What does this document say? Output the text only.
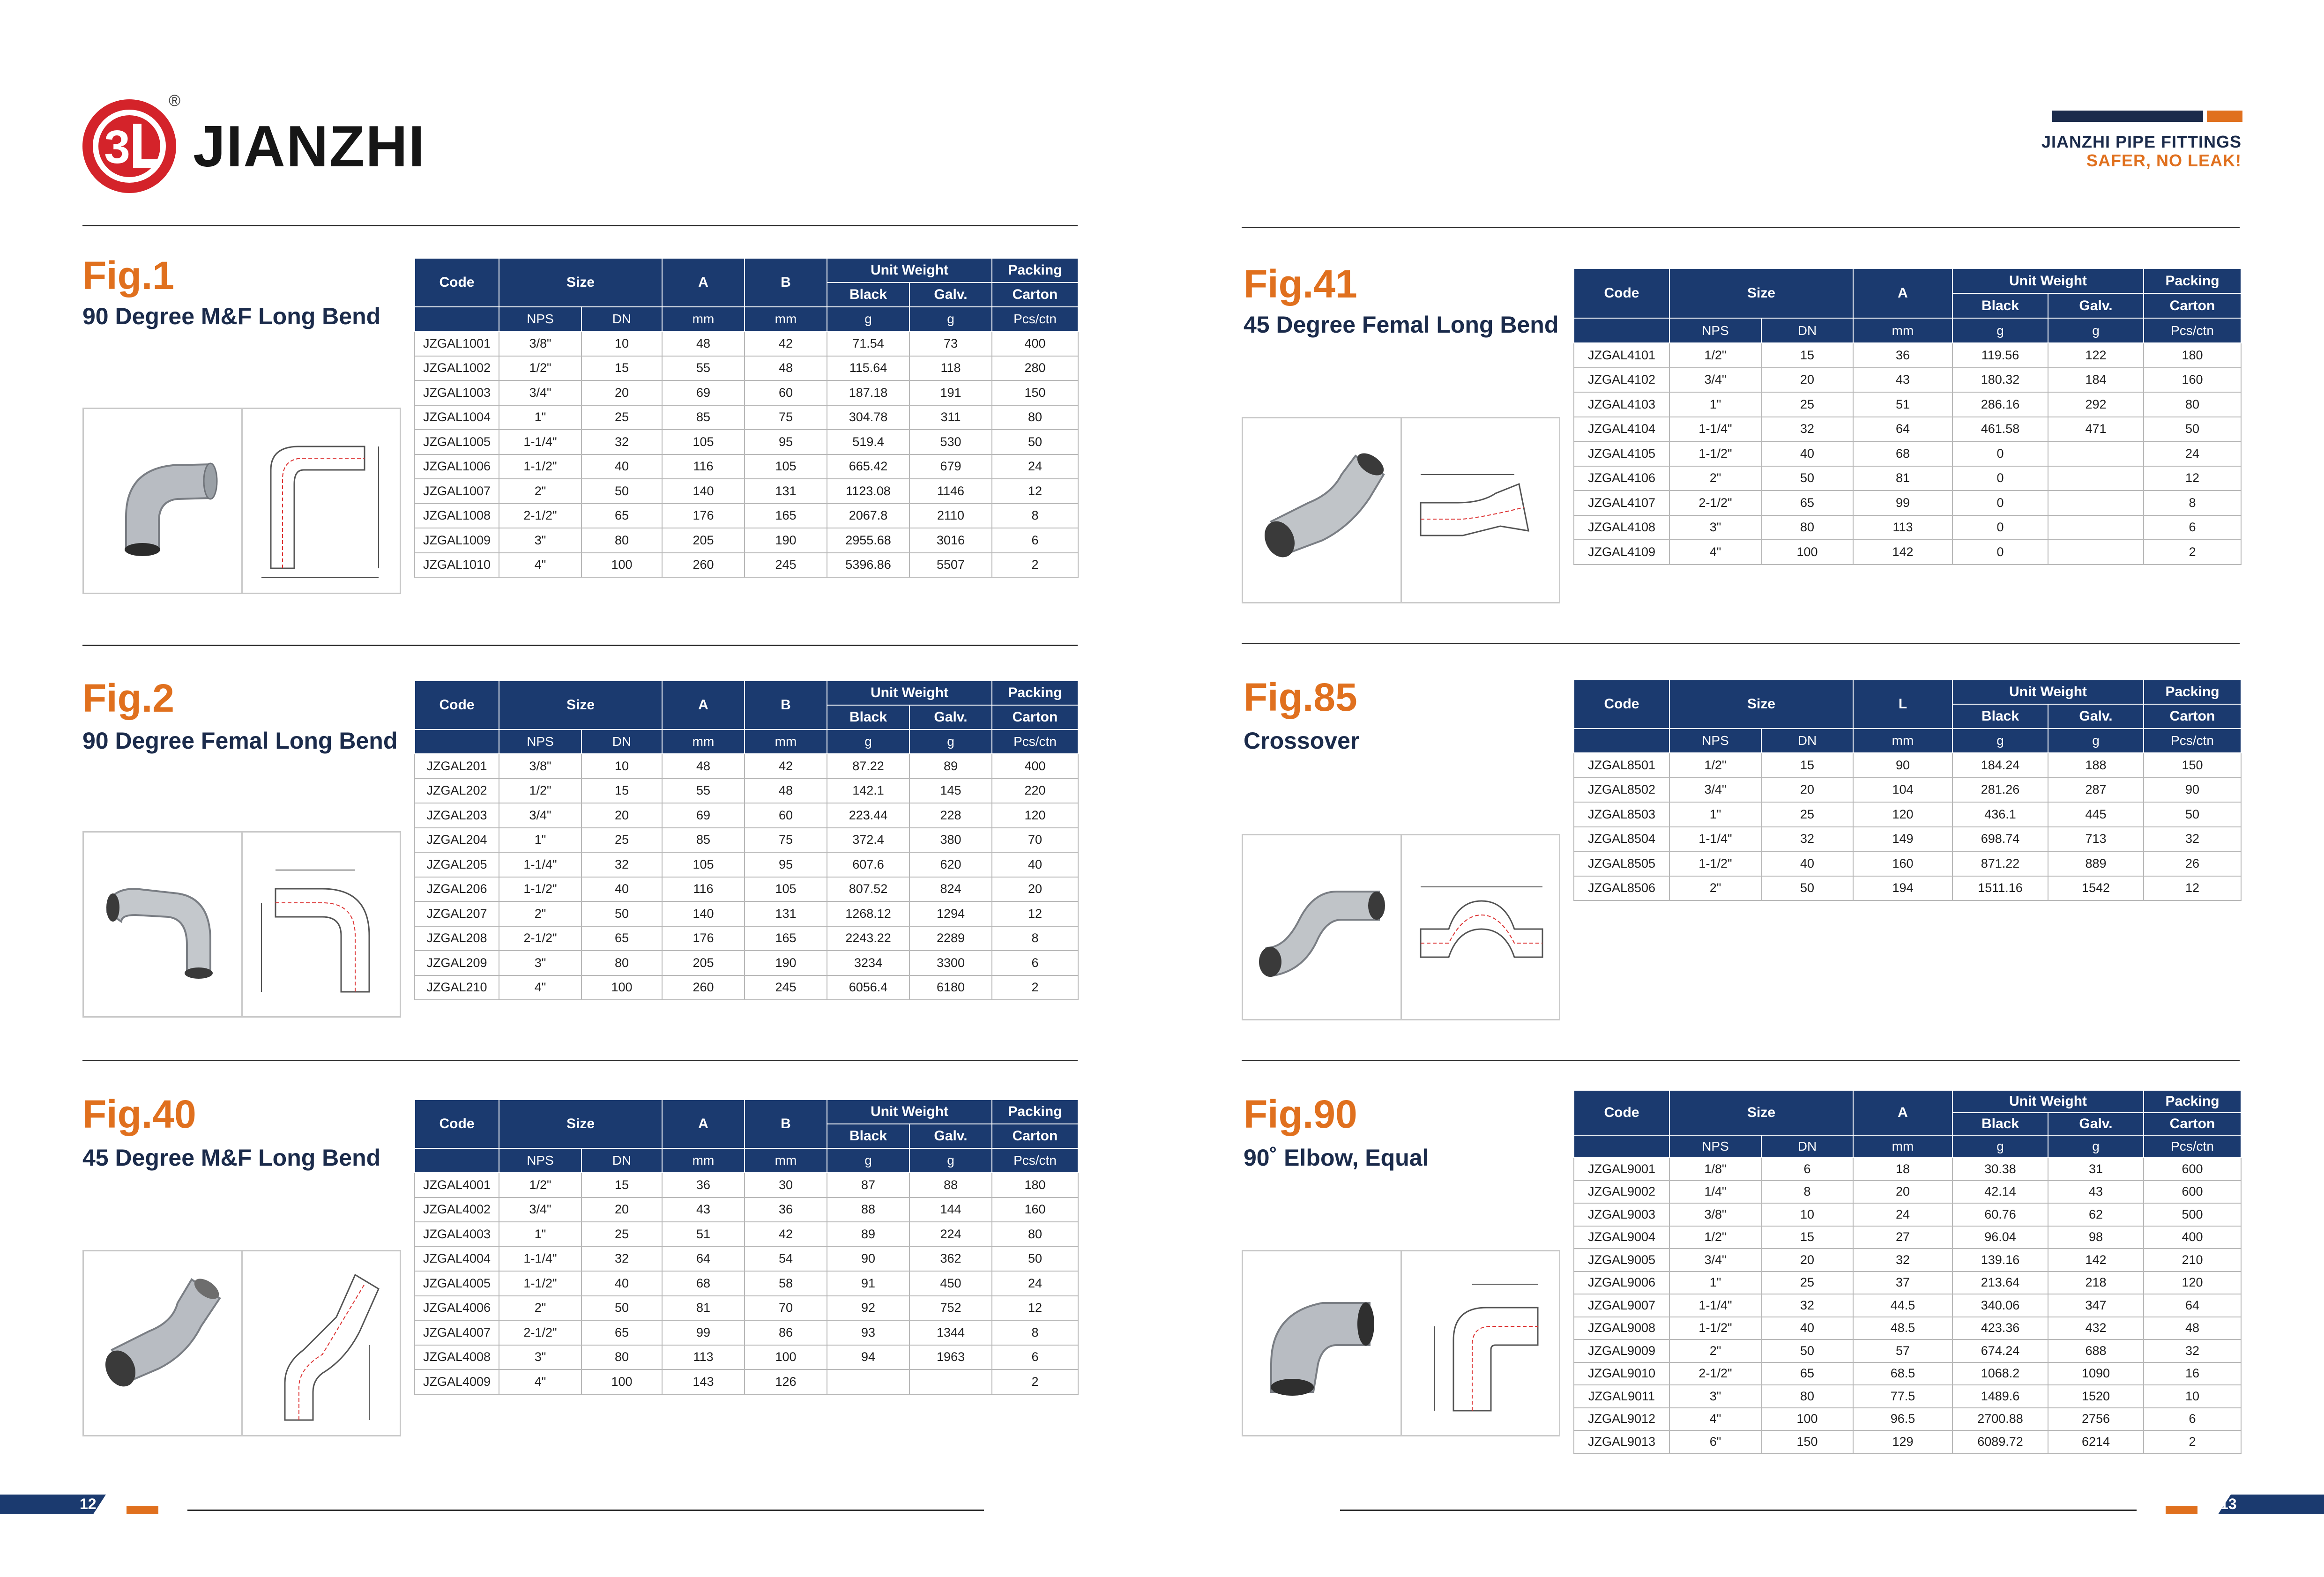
3
®
JIANZHI	JIANZHI PIPE FITTINGS
SAFER, NO LEAK!
Fig.1
90 Degree M&F Long Bend
Code	Size		A	B	Unit Weight		Packing
					Black	Galv.	Carton
	NPS	DN	mm	mm	g	g	Pcs/ctn
JZGAL1001	3/8"	10	48	42	71.54	73	400
JZGAL1002	1/2"	15	55	48	115.64	118	280
JZGAL1003	3/4"	20	69	60	187.18	191	150
JZGAL1004	1"	25	85	75	304.78	311	80
JZGAL1005	1-1/4"	32	105	95	519.4	530	50
JZGAL1006	1-1/2"	40	116	105	665.42	679	24
JZGAL1007	2"	50	140	131	1123.08	1146	12
JZGAL1008	2-1/2"	65	176	165	2067.8	2110	8
JZGAL1009	3"	80	205	190	2955.68	3016	6
JZGAL1010	4"	100	260	245	5396.86	5507	2
Fig.2
90 Degree Femal Long Bend
Code	Size		A	B	Unit Weight		Packing
					Black	Galv.	Carton
	NPS	DN	mm	mm	g	g	Pcs/ctn
JZGAL201	3/8"	10	48	42	87.22	89	400
JZGAL202	1/2"	15	55	48	142.1	145	220
JZGAL203	3/4"	20	69	60	223.44	228	120
JZGAL204	1"	25	85	75	372.4	380	70
JZGAL205	1-1/4"	32	105	95	607.6	620	40
JZGAL206	1-1/2"	40	116	105	807.52	824	20
JZGAL207	2"	50	140	131	1268.12	1294	12
JZGAL208	2-1/2"	65	176	165	2243.22	2289	8
JZGAL209	3"	80	205	190	3234	3300	6
JZGAL210	4"	100	260	245	6056.4	6180	2
Fig.40
45 Degree M&F Long Bend
Code	Size		A	B	Unit Weight		Packing
					Black	Galv.	Carton
	NPS	DN	mm	mm	g	g	Pcs/ctn
JZGAL4001	1/2"	15	36	30	87	88	180
JZGAL4002	3/4"	20	43	36	88	144	160
JZGAL4003	1"	25	51	42	89	224	80
JZGAL4004	1-1/4"	32	64	54	90	362	50
JZGAL4005	1-1/2"	40	68	58	91	450	24
JZGAL4006	2"	50	81	70	92	752	12
JZGAL4007	2-1/2"	65	99	86	93	1344	8
JZGAL4008	3"	80	113	100	94	1963	6
JZGAL4009	4"	100	143	126			2
Fig.41
45 Degree Femal Long Bend
Code	Size		A	Unit Weight		Packing
				Black	Galv.	Carton
	NPS	DN	mm	g	g	Pcs/ctn
JZGAL4101	1/2"	15	36	119.56	122	180
JZGAL4102	3/4"	20	43	180.32	184	160
JZGAL4103	1"	25	51	286.16	292	80
JZGAL4104	1-1/4"	32	64	461.58	471	50
JZGAL4105	1-1/2"	40	68	0		24
JZGAL4106	2"	50	81	0		12
JZGAL4107	2-1/2"	65	99	0		8
JZGAL4108	3"	80	113	0		6
JZGAL4109	4"	100	142	0		2
Fig.85
Crossover
Code	Size		L	Unit Weight		Packing
				Black	Galv.	Carton
	NPS	DN	mm	g	g	Pcs/ctn
JZGAL8501	1/2"	15	90	184.24	188	150
JZGAL8502	3/4"	20	104	281.26	287	90
JZGAL8503	1"	25	120	436.1	445	50
JZGAL8504	1-1/4"	32	149	698.74	713	32
JZGAL8505	1-1/2"	40	160	871.22	889	26
JZGAL8506	2"	50	194	1511.16	1542	12
Fig.90
90˚ Elbow, Equal
Code	Size		A	Unit Weight		Packing
				Black	Galv.	Carton
	NPS	DN	mm	g	g	Pcs/ctn
JZGAL9001	1/8"	6	18	30.38	31	600
JZGAL9002	1/4"	8	20	42.14	43	600
JZGAL9003	3/8"	10	24	60.76	62	500
JZGAL9004	1/2"	15	27	96.04	98	400
JZGAL9005	3/4"	20	32	139.16	142	210
JZGAL9006	1"	25	37	213.64	218	120
JZGAL9007	1-1/4"	32	44.5	340.06	347	64
JZGAL9008	1-1/2"	40	48.5	423.36	432	48
JZGAL9009	2"	50	57	674.24	688	32
JZGAL9010	2-1/2"	65	68.5	1068.2	1090	16
JZGAL9011	3"	80	77.5	1489.6	1520	10
JZGAL9012	4"	100	96.5	2700.88	2756	6
JZGAL9013	6"	150	129	6089.72	6214	2
12	13
